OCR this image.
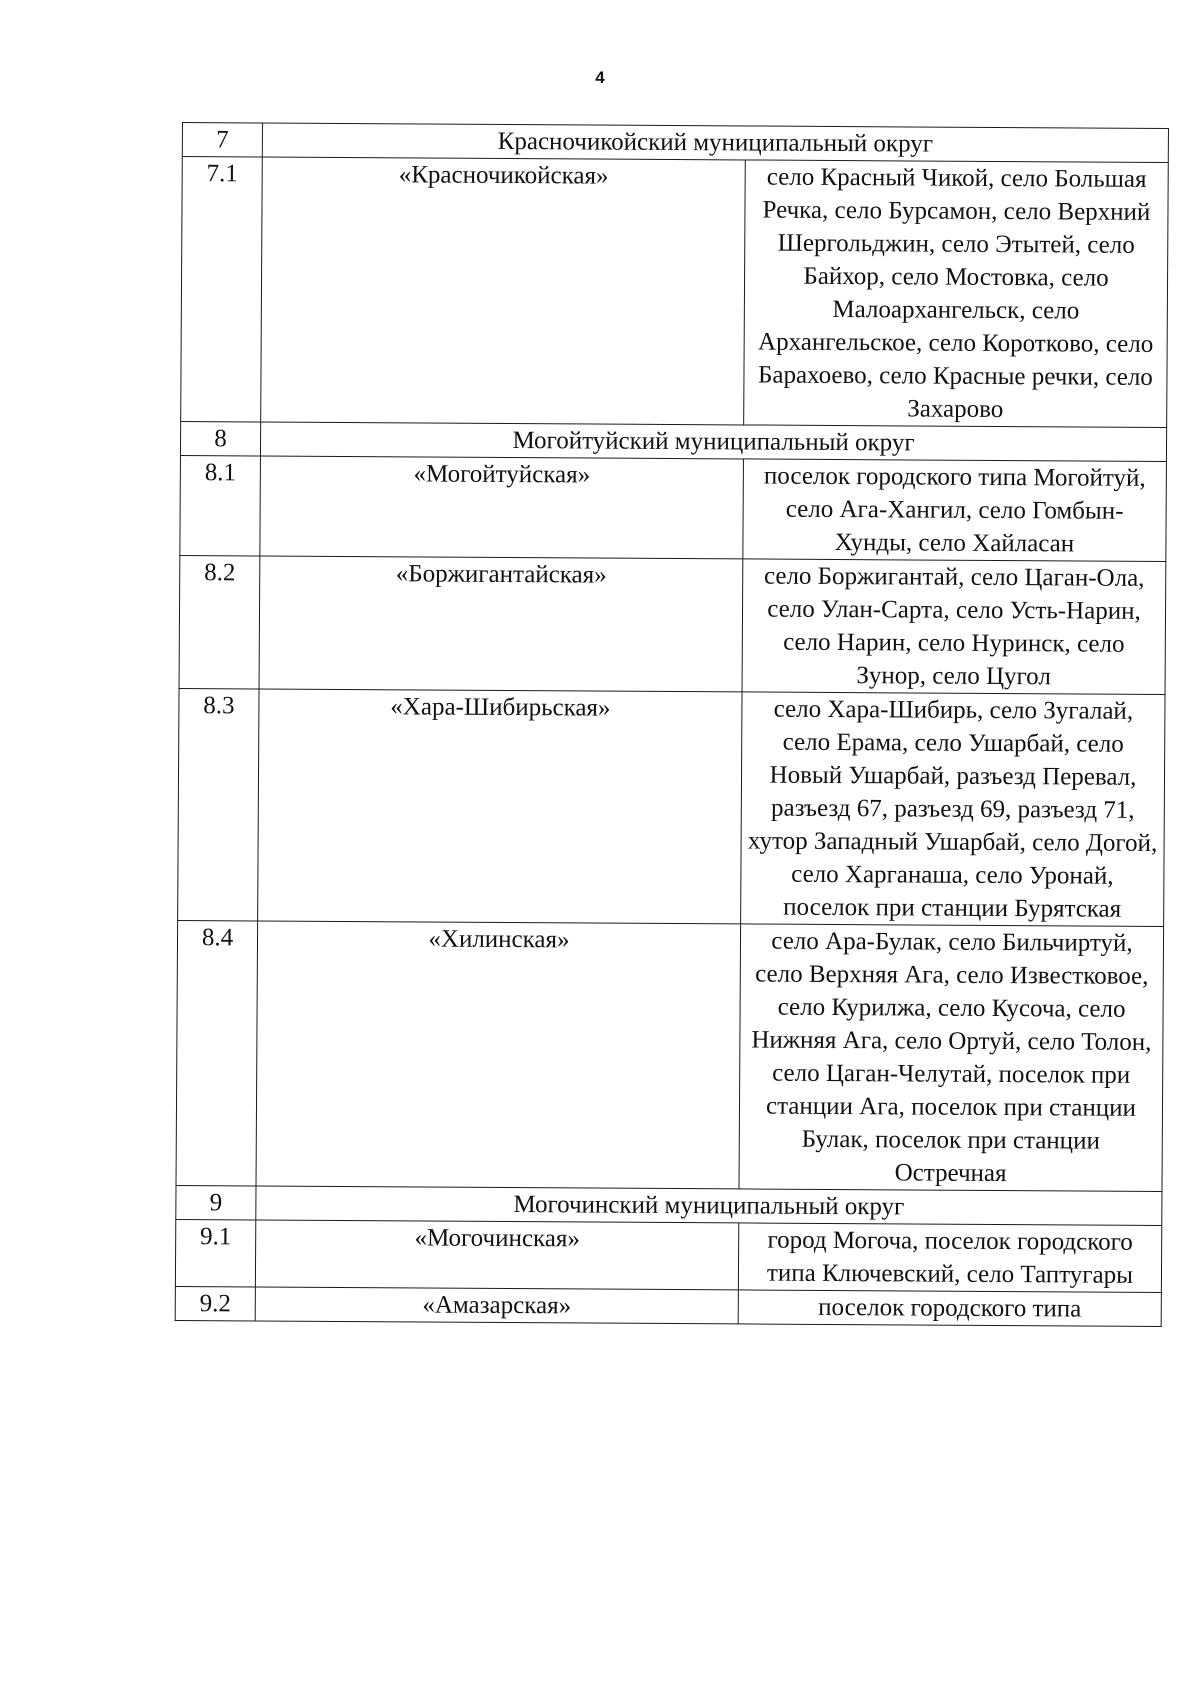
4
7	Красночикойский муниципальный округ	
7.1	«Красночикойская»	село Красный Чикой, село Большая Речка, село Бурсамон, село Верхний Шергольджин, село Этытей, село Байхор, село Мостовка, село Малоархангельск, село Архангельское, село Коротково, село Барахоево, село Красные речки, село Захарово
8	Могойтуйский муниципальный округ	
8.1	«Могойтуйская»	поселок городского типа Могойтуй, село Ага-Хангил, село Гомбын-Хунды, село Хайласан
8.2	«Боржигантайская»	село Боржигантай, село Цаган-Ола, село Улан-Сарта, село Усть-Нарин, село Нарин, село Нуринск, село Зунор, село Цугол
8.3	«Хара-Шибирьская»	село Хара-Шибирь, село Зугалай, село Ерама, село Ушарбай, село Новый Ушарбай, разъезд Перевал, разъезд 67, разъезд 69, разъезд 71, хутор Западный Ушарбай, село Догой, село Харганаша, село Уронай, поселок при станции Бурятская
8.4	«Хилинская»	село Ара-Булак, село Бильчиртуй, село Верхняя Ага, село Известковое, село Курилжа, село Кусоча, село Нижняя Ага, село Ортуй, село Толон, село Цаган-Челутай, поселок при станции Ага, поселок при станции Булак, поселок при станции Остречная
9	Могочинский муниципальный округ	
9.1	«Могочинская»	город Могоча, поселок городского типа Ключевский, село Таптугары
9.2	«Амазарская»	поселок городского типа
